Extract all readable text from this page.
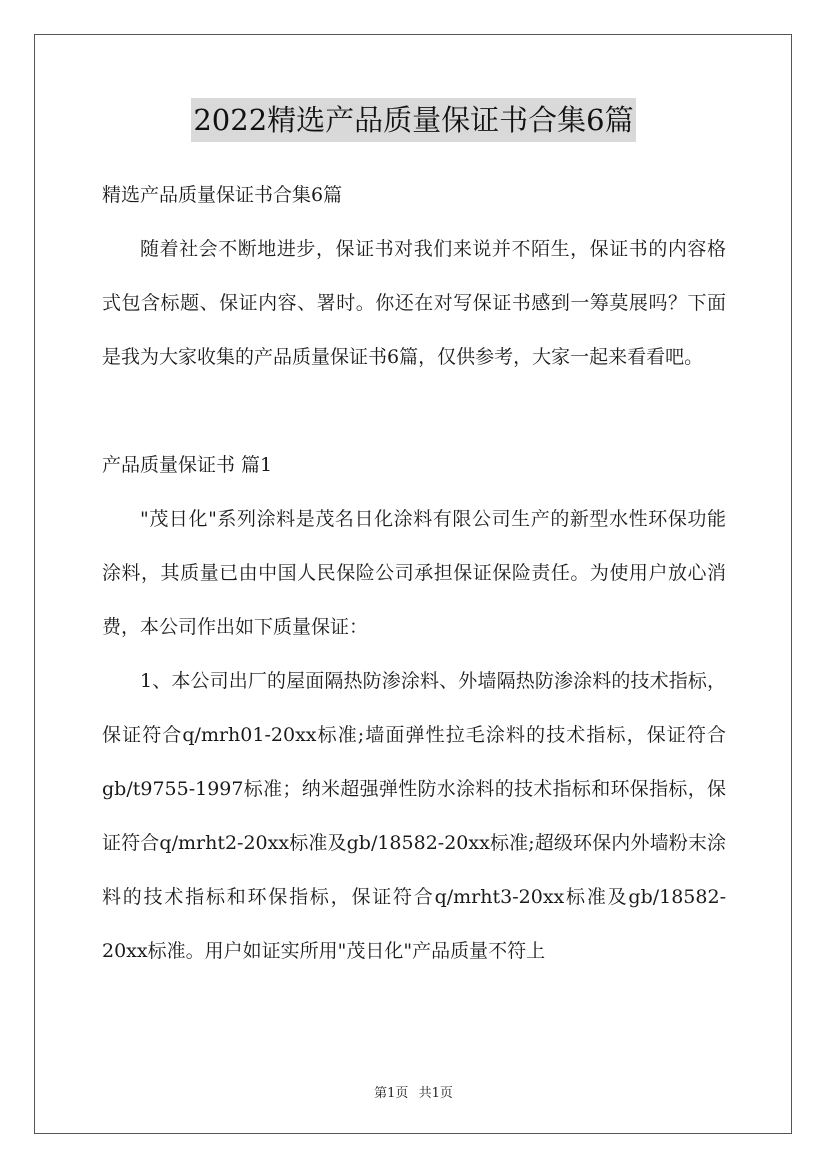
2022精选产品质量保证书合集6篇

精选产品质量保证书合集6篇

随着社会不断地进步，保证书对我们来说并不陌生，保证书的内容格式包含标题、保证内容、署时。你还在对写保证书感到一筹莫展吗？下面是我为大家收集的产品质量保证书6篇，仅供参考，大家一起来看看吧。

产品质量保证书 篇1

"茂日化"系列涂料是茂名日化涂料有限公司生产的新型水性环保功能涂料，其质量已由中国人民保险公司承担保证保险责任。为使用户放心消费，本公司作出如下质量保证：

1、本公司出厂的屋面隔热防渗涂料、外墙隔热防渗涂料的技术指标，保证符合q/mrh01-20xx标准;墙面弹性拉毛涂料的技术指标，保证符合gb/t9755-1997标准；纳米超强弹性防水涂料的技术指标和环保指标，保证符合q/mrht2-20xx标准及gb/18582-20xx标准;超级环保内外墙粉末涂料的技术指标和环保指标，保证符合q/mrht3-20xx标准及gb/18582-20xx标准。用户如证实所用"茂日化"产品质量不符上

第1页 共1页
